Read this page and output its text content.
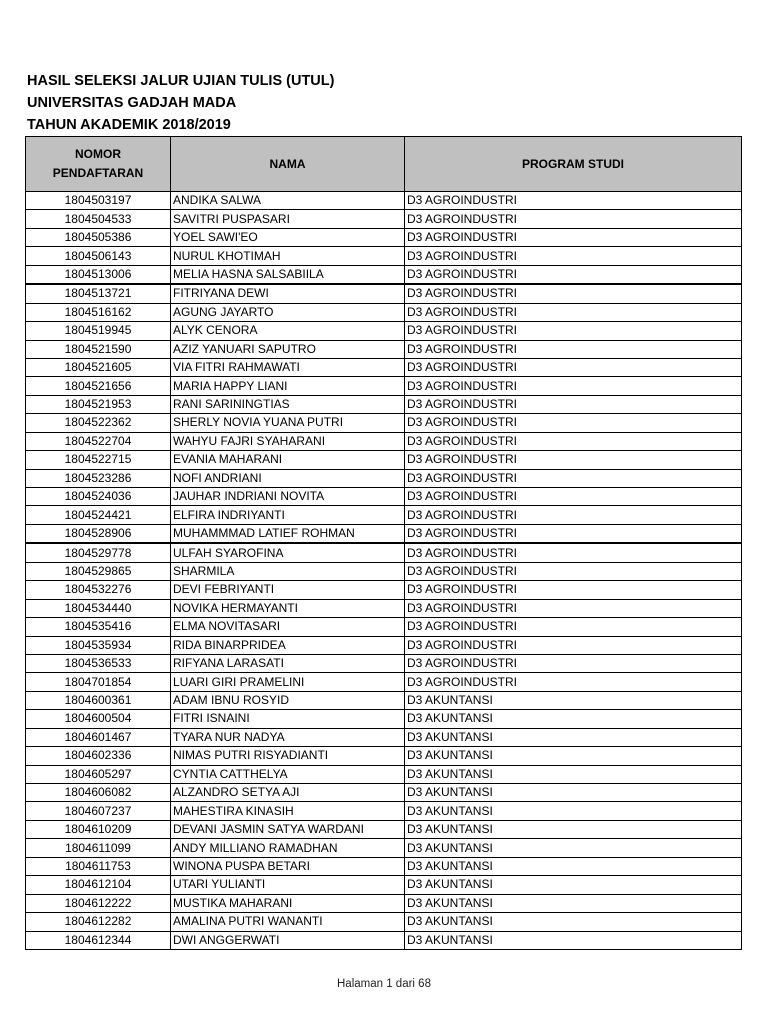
HASIL SELEKSI JALUR UJIAN TULIS (UTUL)
UNIVERSITAS GADJAH MADA
TAHUN AKADEMIK 2018/2019
NOMOR
PENDAFTARAN	NAMA	PROGRAM STUDI
1804503197	ANDIKA SALWA	D3 AGROINDUSTRI
1804504533	SAVITRI PUSPASARI	D3 AGROINDUSTRI
1804505386	YOEL SAWI'EO	D3 AGROINDUSTRI
1804506143	NURUL KHOTIMAH	D3 AGROINDUSTRI
1804513006	MELIA HASNA SALSABIILA	D3 AGROINDUSTRI
1804513721	FITRIYANA DEWI	D3 AGROINDUSTRI
1804516162	AGUNG JAYARTO	D3 AGROINDUSTRI
1804519945	ALYK CENORA	D3 AGROINDUSTRI
1804521590	AZIZ YANUARI SAPUTRO	D3 AGROINDUSTRI
1804521605	VIA FITRI RAHMAWATI	D3 AGROINDUSTRI
1804521656	MARIA HAPPY LIANI	D3 AGROINDUSTRI
1804521953	RANI SARININGTIAS	D3 AGROINDUSTRI
1804522362	SHERLY NOVIA YUANA PUTRI	D3 AGROINDUSTRI
1804522704	WAHYU FAJRI SYAHARANI	D3 AGROINDUSTRI
1804522715	EVANIA MAHARANI	D3 AGROINDUSTRI
1804523286	NOFI ANDRIANI	D3 AGROINDUSTRI
1804524036	JAUHAR INDRIANI NOVITA	D3 AGROINDUSTRI
1804524421	ELFIRA INDRIYANTI	D3 AGROINDUSTRI
1804528906	MUHAMMMAD LATIEF ROHMAN	D3 AGROINDUSTRI
1804529778	ULFAH SYAROFINA	D3 AGROINDUSTRI
1804529865	SHARMILA	D3 AGROINDUSTRI
1804532276	DEVI FEBRIYANTI	D3 AGROINDUSTRI
1804534440	NOVIKA HERMAYANTI	D3 AGROINDUSTRI
1804535416	ELMA NOVITASARI	D3 AGROINDUSTRI
1804535934	RIDA BINARPRIDEA	D3 AGROINDUSTRI
1804536533	RIFYANA LARASATI	D3 AGROINDUSTRI
1804701854	LUARI GIRI PRAMELINI	D3 AGROINDUSTRI
1804600361	ADAM IBNU ROSYID	D3 AKUNTANSI
1804600504	FITRI ISNAINI	D3 AKUNTANSI
1804601467	TYARA NUR NADYA	D3 AKUNTANSI
1804602336	NIMAS PUTRI RISYADIANTI	D3 AKUNTANSI
1804605297	CYNTIA CATTHELYA	D3 AKUNTANSI
1804606082	ALZANDRO SETYA AJI	D3 AKUNTANSI
1804607237	MAHESTIRA KINASIH	D3 AKUNTANSI
1804610209	DEVANI JASMIN SATYA WARDANI	D3 AKUNTANSI
1804611099	ANDY MILLIANO RAMADHAN	D3 AKUNTANSI
1804611753	WINONA PUSPA BETARI	D3 AKUNTANSI
1804612104	UTARI YULIANTI	D3 AKUNTANSI
1804612222	MUSTIKA MAHARANI	D3 AKUNTANSI
1804612282	AMALINA PUTRI WANANTI	D3 AKUNTANSI
1804612344	DWI ANGGERWATI	D3 AKUNTANSI
Halaman 1 dari 68
